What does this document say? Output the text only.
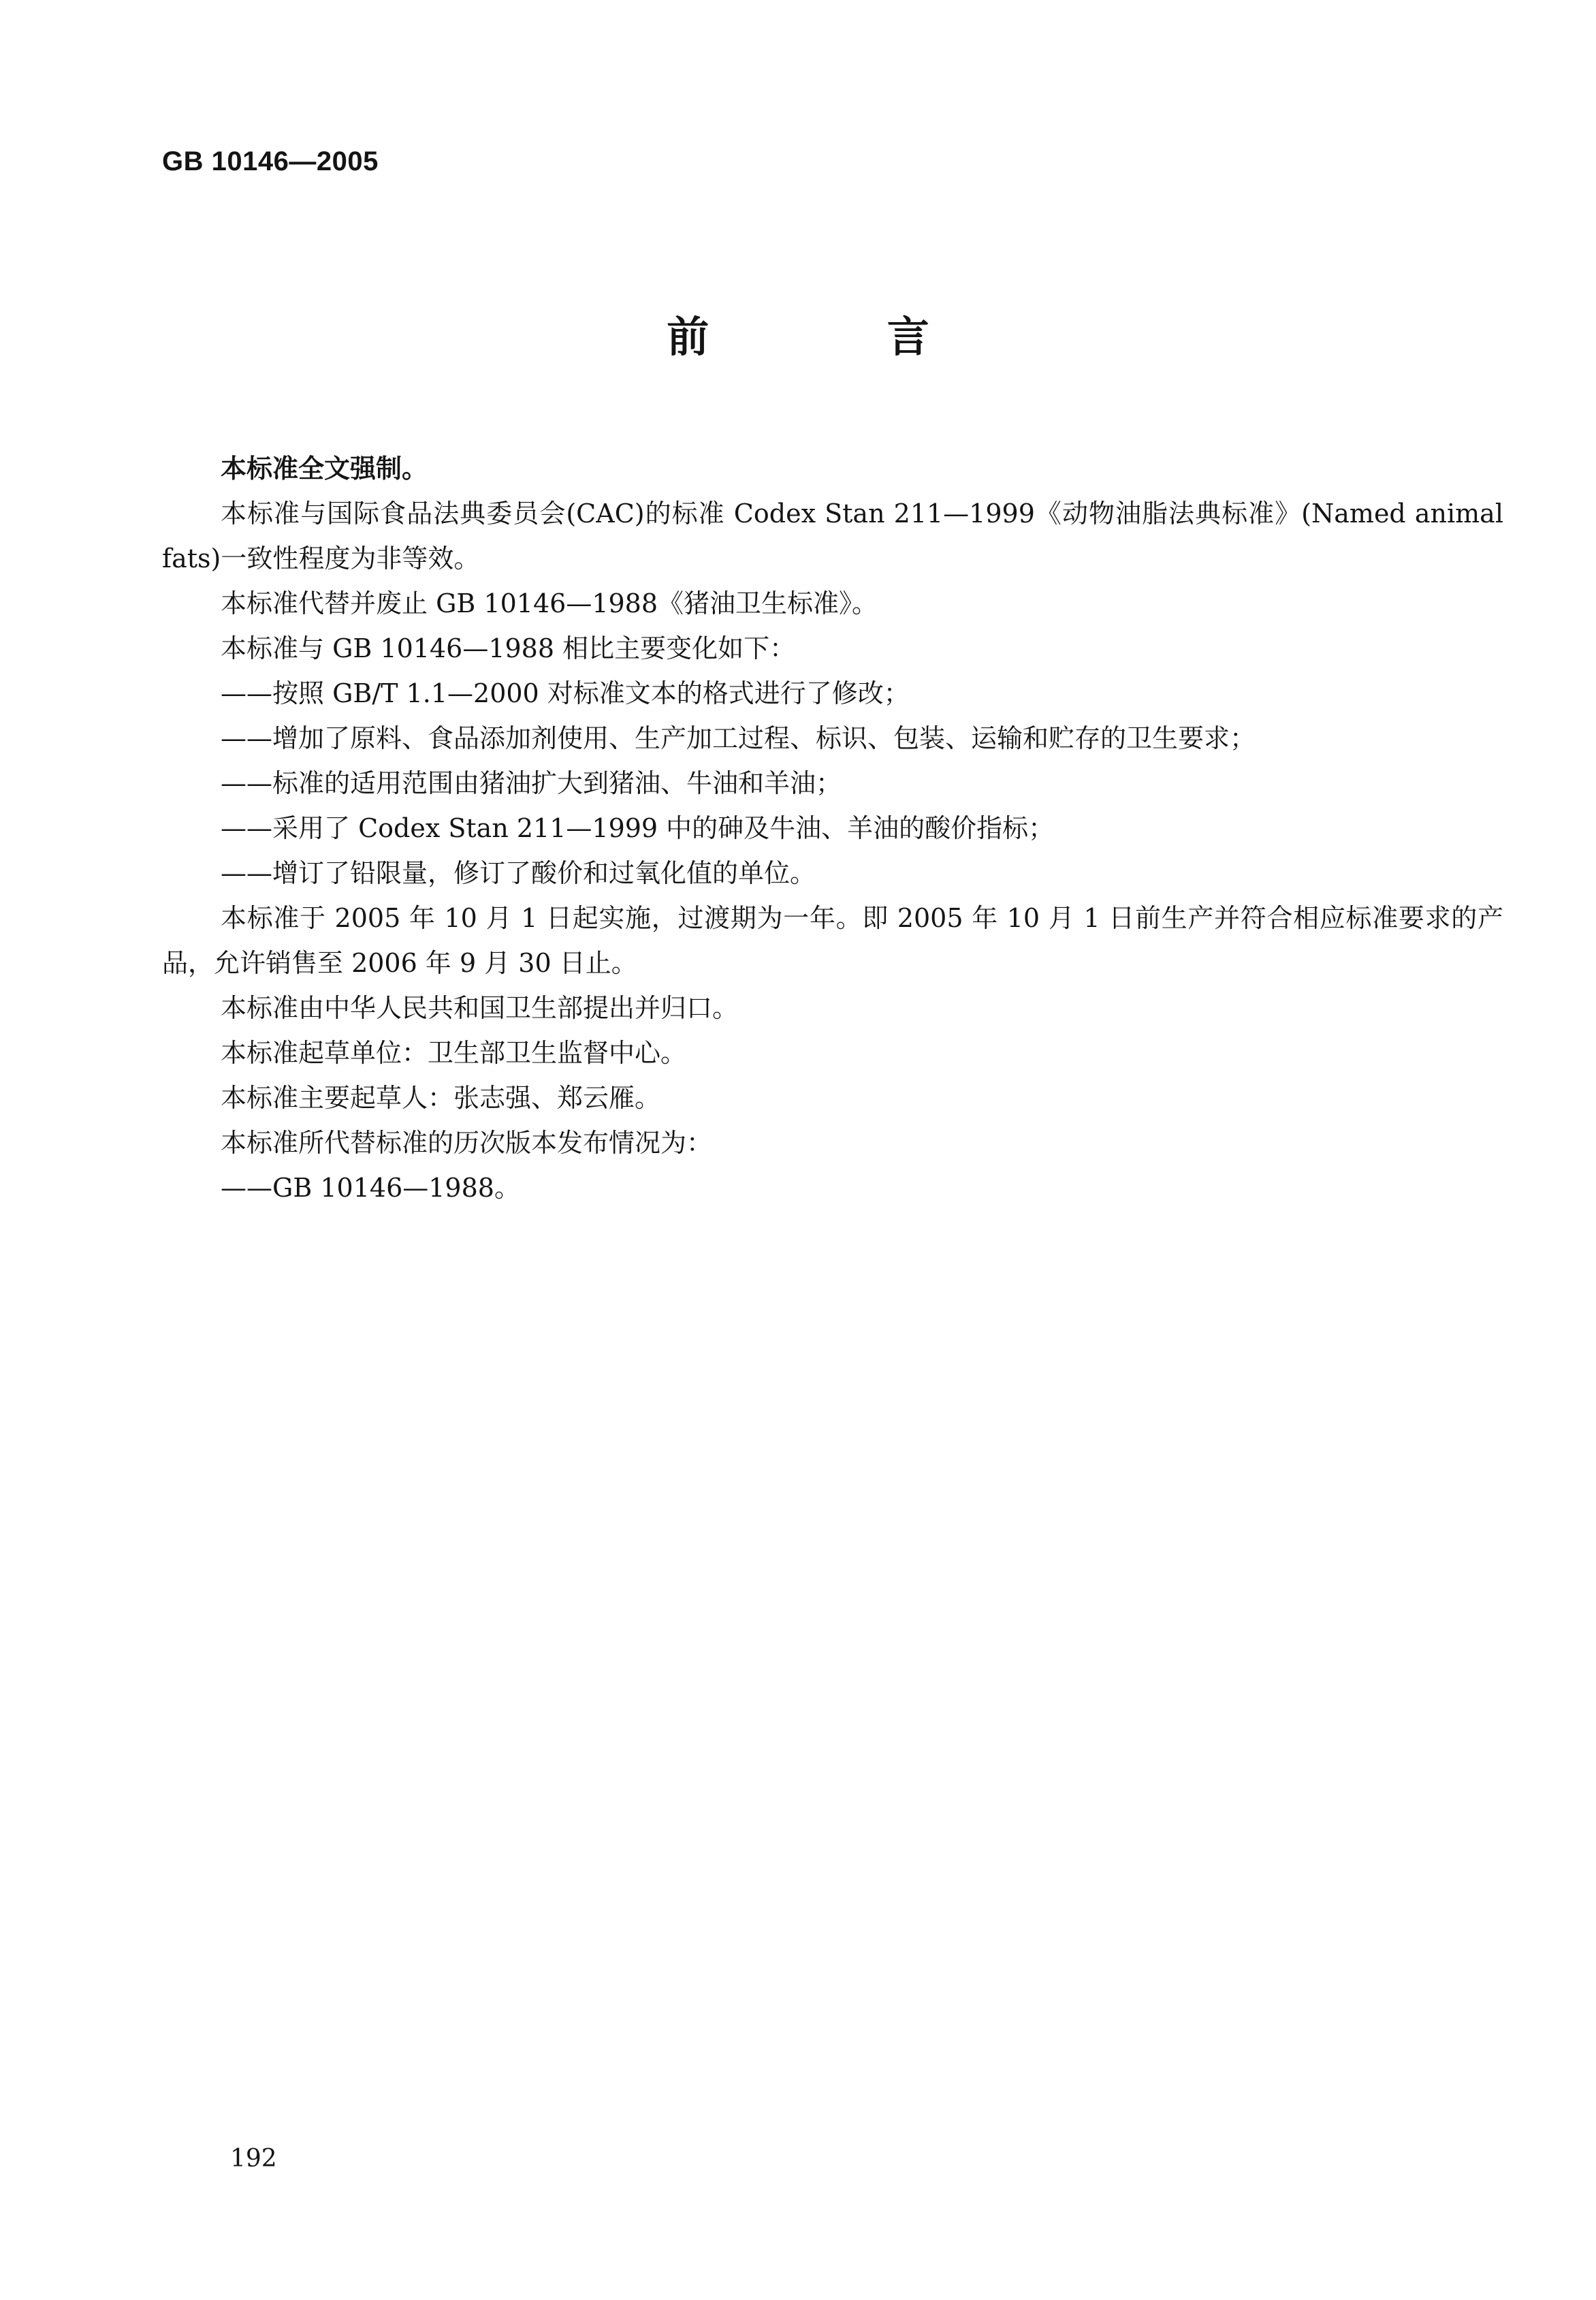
GB 10146—2005
前 言

本标准全文强制。

本标准与国际食品法典委员会(CAC)的标准 Codex Stan 211—1999《动物油脂法典标准》(Named animal fats)一致性程度为非等效。

本标准代替并废止 GB 10146—1988《猪油卫生标准》。

本标准与 GB 10146—1988 相比主要变化如下：

——按照 GB/T 1.1—2000 对标准文本的格式进行了修改；

——增加了原料、食品添加剂使用、生产加工过程、标识、包装、运输和贮存的卫生要求；

——标准的适用范围由猪油扩大到猪油、牛油和羊油；

——采用了 Codex Stan 211—1999 中的砷及牛油、羊油的酸价指标；

——增订了铅限量，修订了酸价和过氧化值的单位。

本标准于 2005 年 10 月 1 日起实施，过渡期为一年。即 2005 年 10 月 1 日前生产并符合相应标准要求的产品，允许销售至 2006 年 9 月 30 日止。

本标准由中华人民共和国卫生部提出并归口。

本标准起草单位：卫生部卫生监督中心。

本标准主要起草人：张志强、郑云雁。

本标准所代替标准的历次版本发布情况为：

——GB 10146—1988。

192
